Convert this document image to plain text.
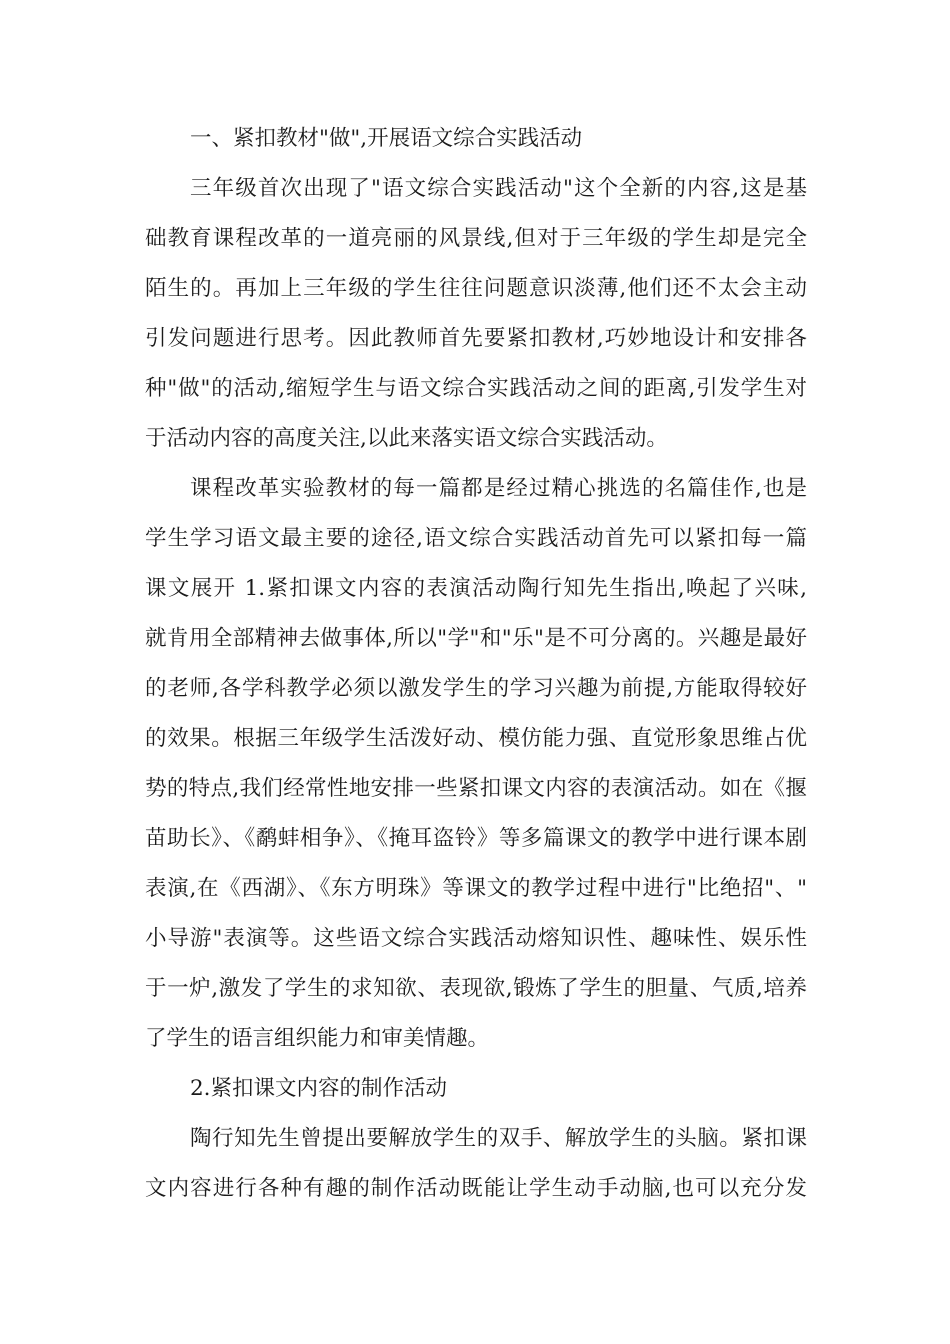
一、紧扣教材"做",开展语文综合实践活动
三年级首次出现了"语文综合实践活动"这个全新的内容,这是基
础教育课程改革的一道亮丽的风景线,但对于三年级的学生却是完全
陌生的。再加上三年级的学生往往问题意识淡薄,他们还不太会主动
引发问题进行思考。因此教师首先要紧扣教材,巧妙地设计和安排各
种"做"的活动,缩短学生与语文综合实践活动之间的距离,引发学生对
于活动内容的高度关注,以此来落实语文综合实践活动。
课程改革实验教材的每一篇都是经过精心挑选的名篇佳作,也是
学生学习语文最主要的途径,语文综合实践活动首先可以紧扣每一篇
课文展开 1.紧扣课文内容的表演活动陶行知先生指出,唤起了兴味,
就肯用全部精神去做事体,所以"学"和"乐"是不可分离的。兴趣是最好
的老师,各学科教学必须以激发学生的学习兴趣为前提,方能取得较好
的效果。根据三年级学生活泼好动、模仿能力强、直觉形象思维占优
势的特点,我们经常性地安排一些紧扣课文内容的表演活动。如在《揠
苗助长》、《鹬蚌相争》、《掩耳盗铃》等多篇课文的教学中进行课本剧
表演,在《西湖》、《东方明珠》等课文的教学过程中进行"比绝招"、"
小导游"表演等。这些语文综合实践活动熔知识性、趣味性、娱乐性
于一炉,激发了学生的求知欲、表现欲,锻炼了学生的胆量、气质,培养
了学生的语言组织能力和审美情趣。
2.紧扣课文内容的制作活动
陶行知先生曾提出要解放学生的双手、解放学生的头脑。紧扣课
文内容进行各种有趣的制作活动既能让学生动手动脑,也可以充分发
